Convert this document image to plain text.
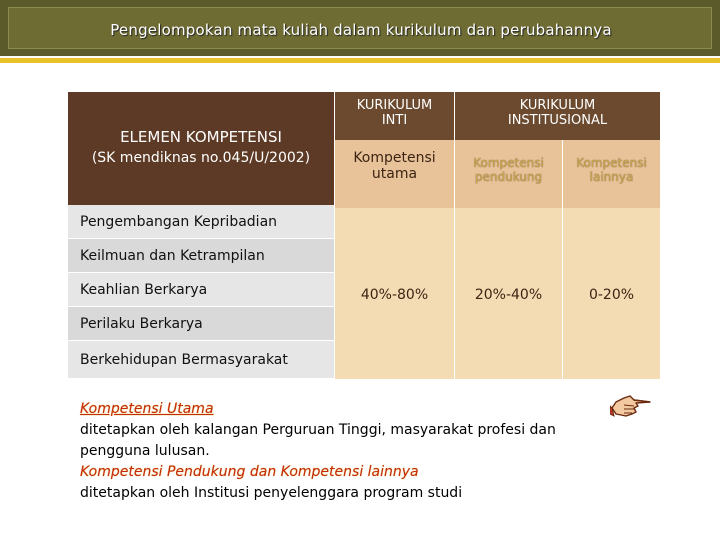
Pengelompokan mata kuliah dalam kurikulum dan perubahannya
ELEMEN KOMPETENSI
(SK mendiknas no.045/U/2002)
Pengembangan Kepribadian
Keilmuan dan Ketrampilan
Keahlian Berkarya
Perilaku Berkarya
Berkehidupan Bermasyarakat
KURIKULUM
INTI
KURIKULUM
INSTITUSIONAL
Kompetensi
utama
Kompetensi
pendukung
Kompetensi
lainnya
40%-80%	20%-40%	0-20%
Kompetensi Utama
ditetapkan oleh kalangan Perguruan Tinggi, masyarakat profesi dan pengguna lulusan.
Kompetensi Pendukung dan Kompetensi lainnya
ditetapkan oleh Institusi penyelenggara program studi
